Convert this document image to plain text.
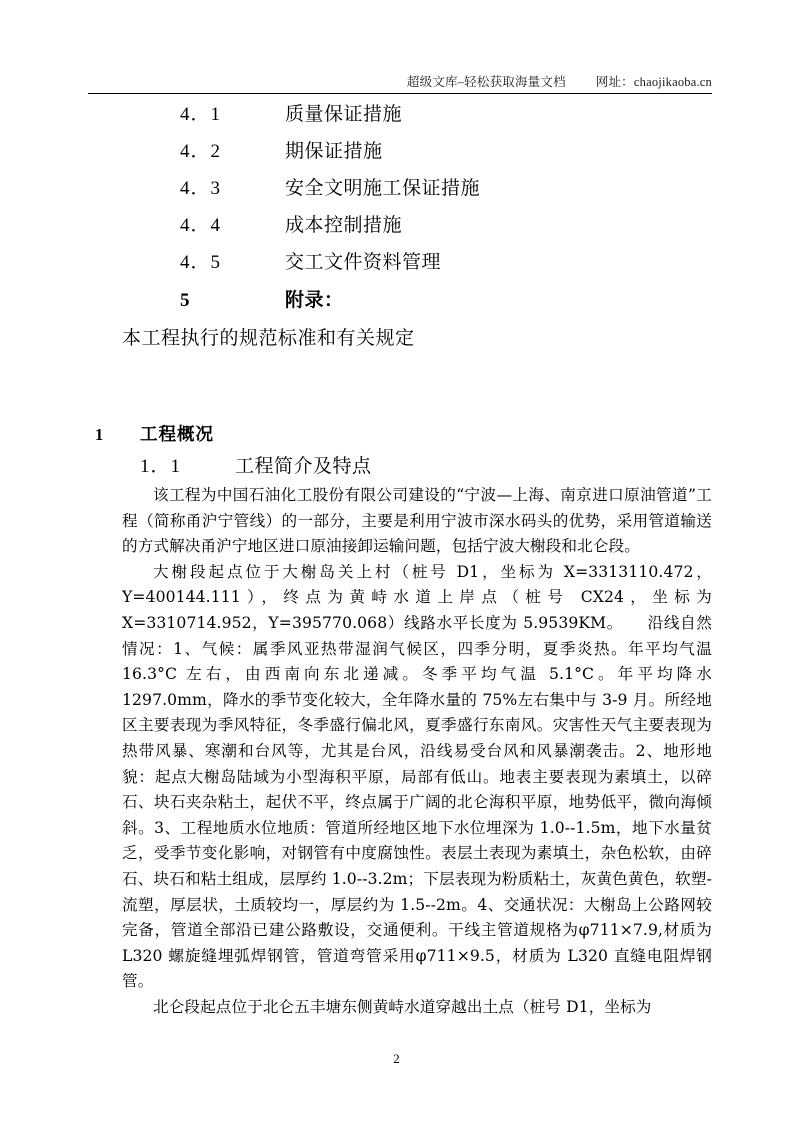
超级文库–轻松获取海量文档 网址：chaojikaoba.cn
4．1	质量保证措施
4．2	期保证措施
4．3	安全文明施工保证措施
4．4	成本控制措施
4．5	交工文件资料管理
5	附录：
本工程执行的规范标准和有关规定
1 工程概况
1．1	工程简介及特点

该工程为中国石油化工股份有限公司建设的“宁波—上海、南京进口原油管道”工程（简称甬沪宁管线）的一部分，主要是利用宁波市深水码头的优势，采用管道输送的方式解决甬沪宁地区进口原油接卸运输问题，包括宁波大榭段和北仑段。

大榭段起点位于大榭岛关上村（桩号 D1，坐标为 X=3313110.472，Y=400144.111），终点为黄峙水道上岸点（桩号 CX24，坐标为 X=3310714.952，Y=395770.068）线路水平长度为 5.9539KM。　　沿线自然情况：1、气候：属季风亚热带湿润气候区，四季分明，夏季炎热。年平均气温 16.3°C 左右，由西南向东北递减。冬季平均气温 5.1°C。年平均降水 1297.0mm，降水的季节变化较大，全年降水量的 75%左右集中与 3-9 月。所经地区主要表现为季风特征，冬季盛行偏北风，夏季盛行东南风。灾害性天气主要表现为热带风暴、寒潮和台风等，尤其是台风，沿线易受台风和风暴潮袭击。2、地形地貌：起点大榭岛陆域为小型海积平原，局部有低山。地表主要表现为素填土，以碎石、块石夹杂粘土，起伏不平，终点属于广阔的北仑海积平原，地势低平，微向海倾斜。3、工程地质水位地质：管道所经地区地下水位埋深为 1.0--1.5m，地下水量贫乏，受季节变化影响，对钢管有中度腐蚀性。表层土表现为素填土，杂色松软，由碎石、块石和粘土组成，层厚约 1.0--3.2m；下层表现为粉质粘土，灰黄色黄色，软塑-流塑，厚层状，土质较均一，厚层约为 1.5--2m。4、交通状况：大榭岛上公路网较完备，管道全部沿已建公路敷设，交通便利。干线主管道规格为φ711×7.9,材质为 L320 螺旋缝埋弧焊钢管，管道弯管采用φ711×9.5，材质为 L320 直缝电阻焊钢管。

北仑段起点位于北仑五丰塘东侧黄峙水道穿越出土点（桩号 D1，坐标为

2
